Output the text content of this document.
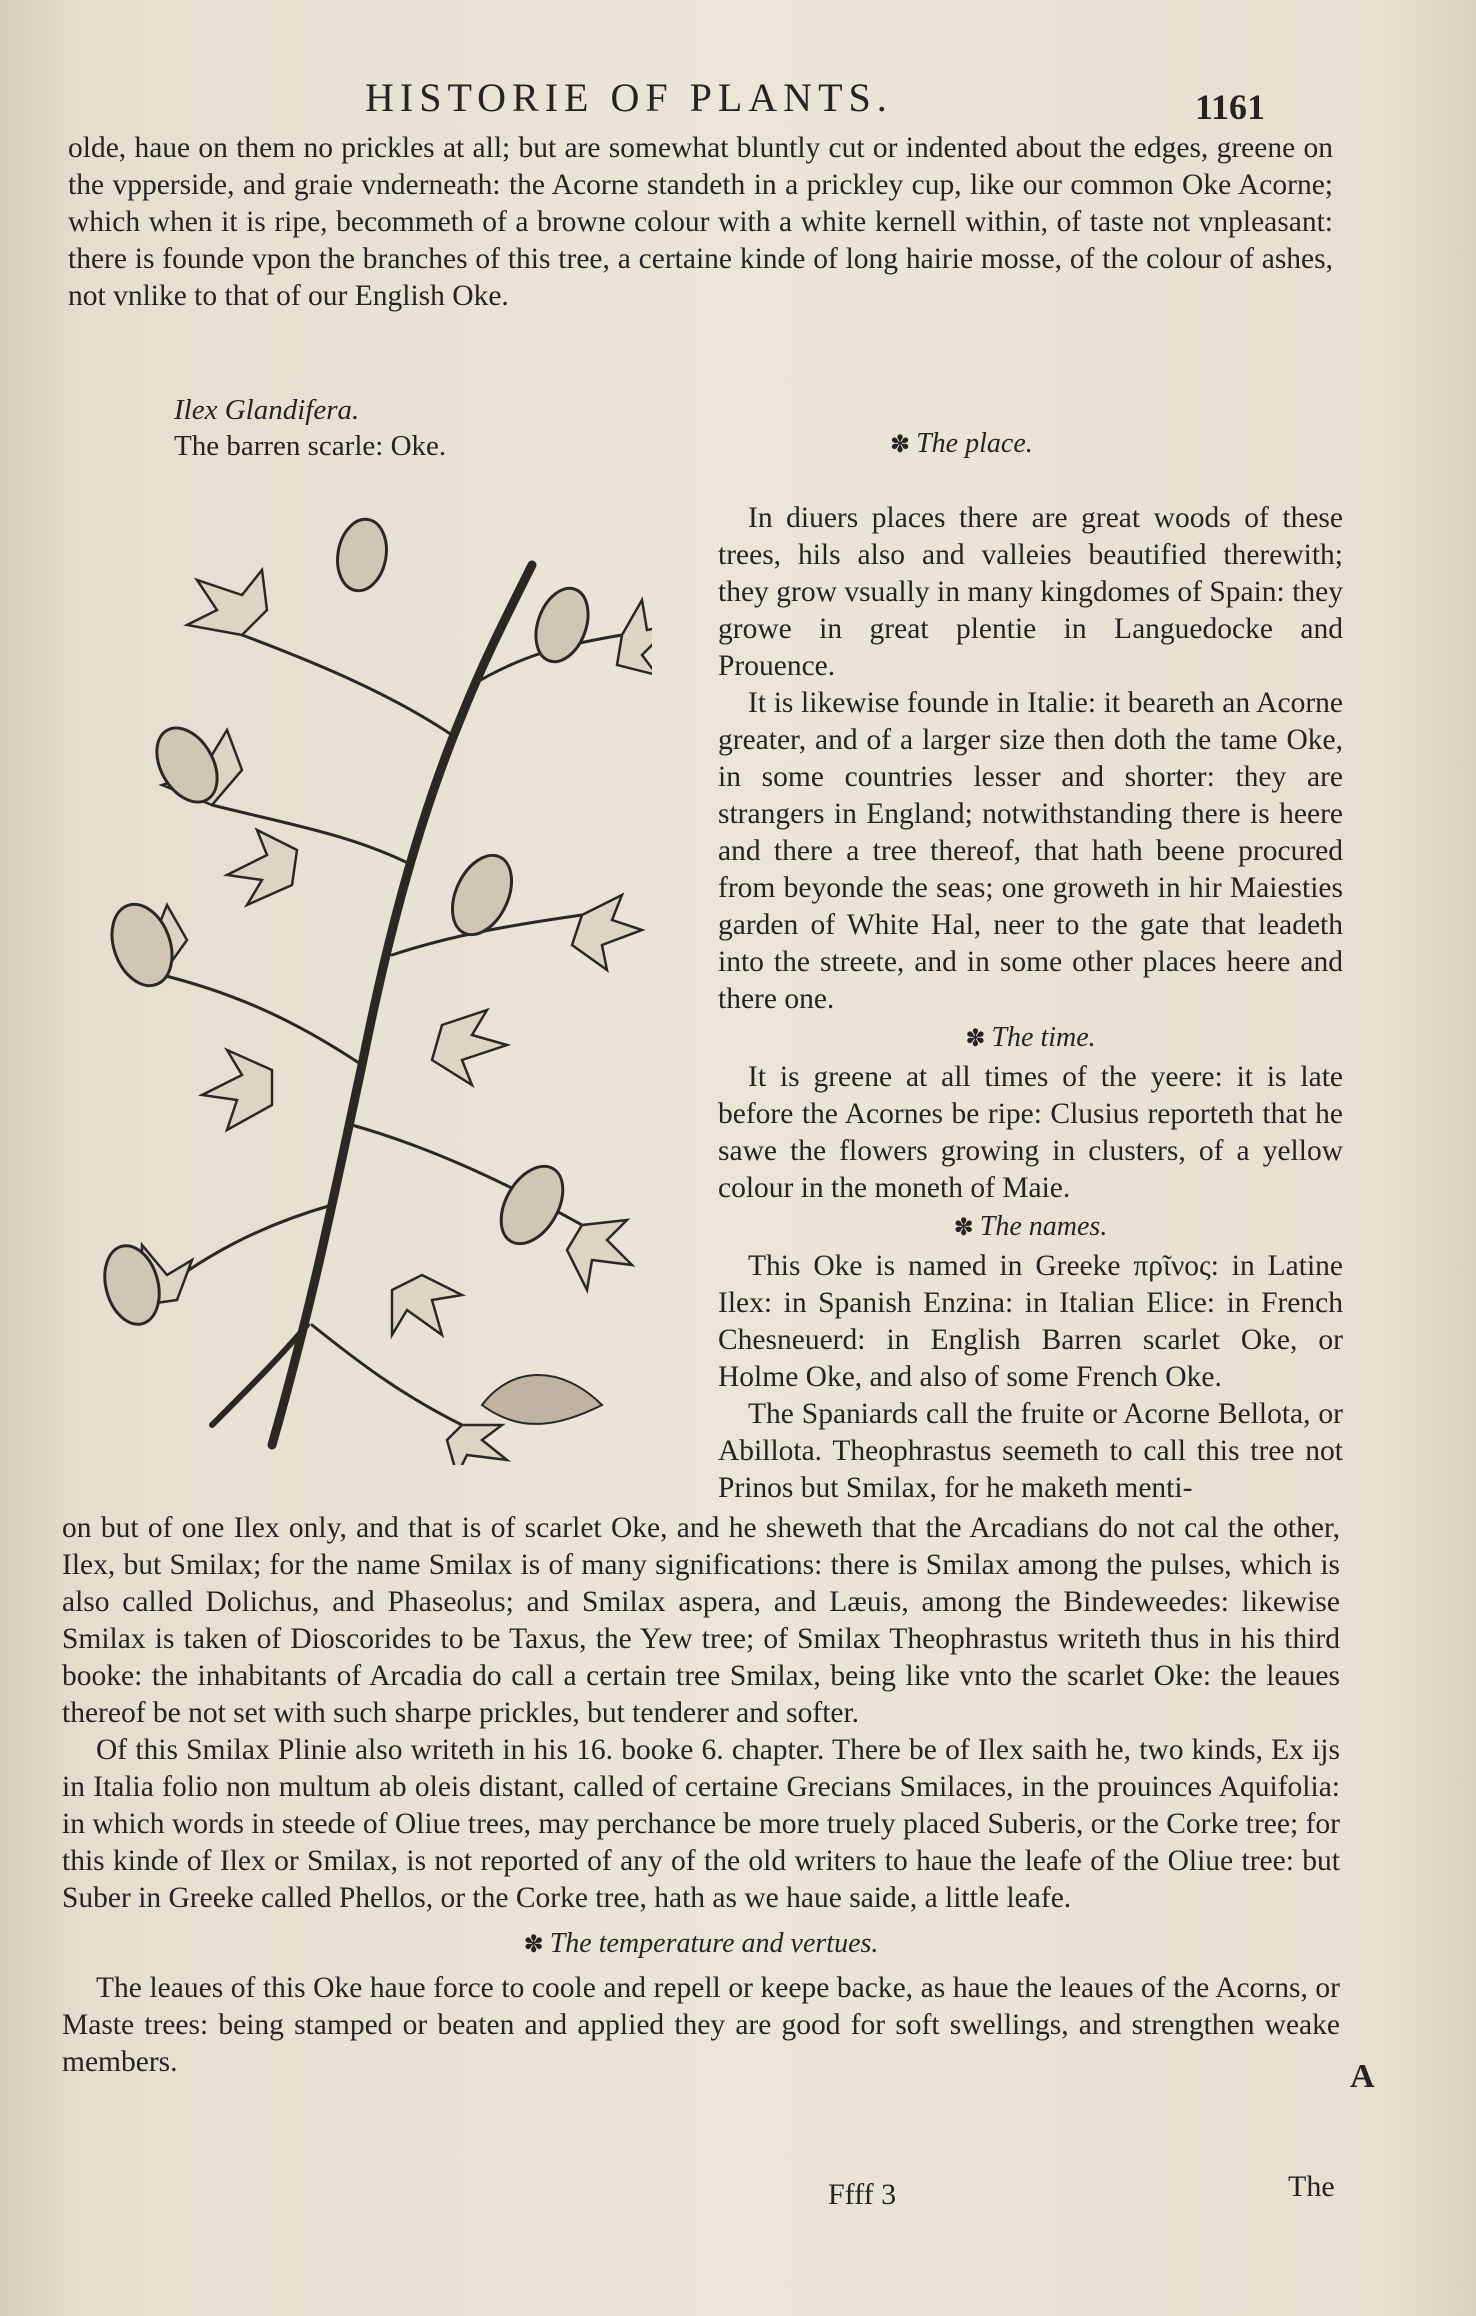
HISTORIE OF PLANTS.	1161
olde, haue on them no prickles at all; but are somewhat bluntly cut or indented about the edges, greene on the vpperside, and graie vnderneath: the Acorne standeth in a prickley cup, like our common Oke Acorne; which when it is ripe, becommeth of a browne colour with a white kernell within, of taste not vnpleasant: there is founde vpon the branches of this tree, a certaine kinde of long hairie mosse, of the colour of ashes, not vnlike to that of our English Oke.
Ilex Glandifera.
The barren scarle: Oke.	✽ The place.

In diuers places there are great woods of these trees, hils also and valleies beautified therewith; they grow vsually in many kingdomes of Spain: they growe in great plentie in Languedocke and Prouence.

It is likewise founde in Italie: it beareth an Acorne greater, and of a larger size then doth the tame Oke, in some countries lesser and shorter: they are strangers in England; notwithstanding there is heere and there a tree thereof, that hath beene procured from beyonde the seas; one groweth in hir Maiesties garden of White Hal, neer to the gate that leadeth into the streete, and in some other places heere and there one.

✽ The time.

It is greene at all times of the yeere: it is late before the Acornes be ripe: Clusius reporteth that he sawe the flowers growing in clusters, of a yellow colour in the moneth of Maie.

✽ The names.

This Oke is named in Greeke πρῖνος: in Latine Ilex: in Spanish Enzina: in Italian Elice: in French Chesneuerd: in English Barren scarlet Oke, or Holme Oke, and also of some French Oke.

The Spaniards call the fruite or Acorne Bellota, or Abillota. Theophrastus seemeth to call this tree not Prinos but Smilax, for he maketh menti-

on but of one Ilex only, and that is of scarlet Oke, and he sheweth that the Arcadians do not cal the other, Ilex, but Smilax; for the name Smilax is of many significations: there is Smilax among the pulses, which is also called Dolichus, and Phaseolus; and Smilax aspera, and Læuis, among the Bindeweedes: likewise Smilax is taken of Dioscorides to be Taxus, the Yew tree; of Smilax Theophrastus writeth thus in his third booke: the inhabitants of Arcadia do call a certain tree Smilax, being like vnto the scarlet Oke: the leaues thereof be not set with such sharpe prickles, but tenderer and softer.

Of this Smilax Plinie also writeth in his 16. booke 6. chapter. There be of Ilex saith he, two kinds, Ex ijs in Italia folio non multum ab oleis distant, called of certaine Grecians Smilaces, in the prouinces Aquifolia: in which words in steede of Oliue trees, may perchance be more truely placed Suberis, or the Corke tree; for this kinde of Ilex or Smilax, is not reported of any of the old writers to haue the leafe of the Oliue tree: but Suber in Greeke called Phellos, or the Corke tree, hath as we haue saide, a little leafe.

✽ The temperature and vertues.

The leaues of this Oke haue force to coole and repell or keepe backe, as haue the leaues of the Acorns, or Maste trees: being stamped or beaten and applied they are good for soft swellings, and strengthen weake members.	A
Ffff 3	The
